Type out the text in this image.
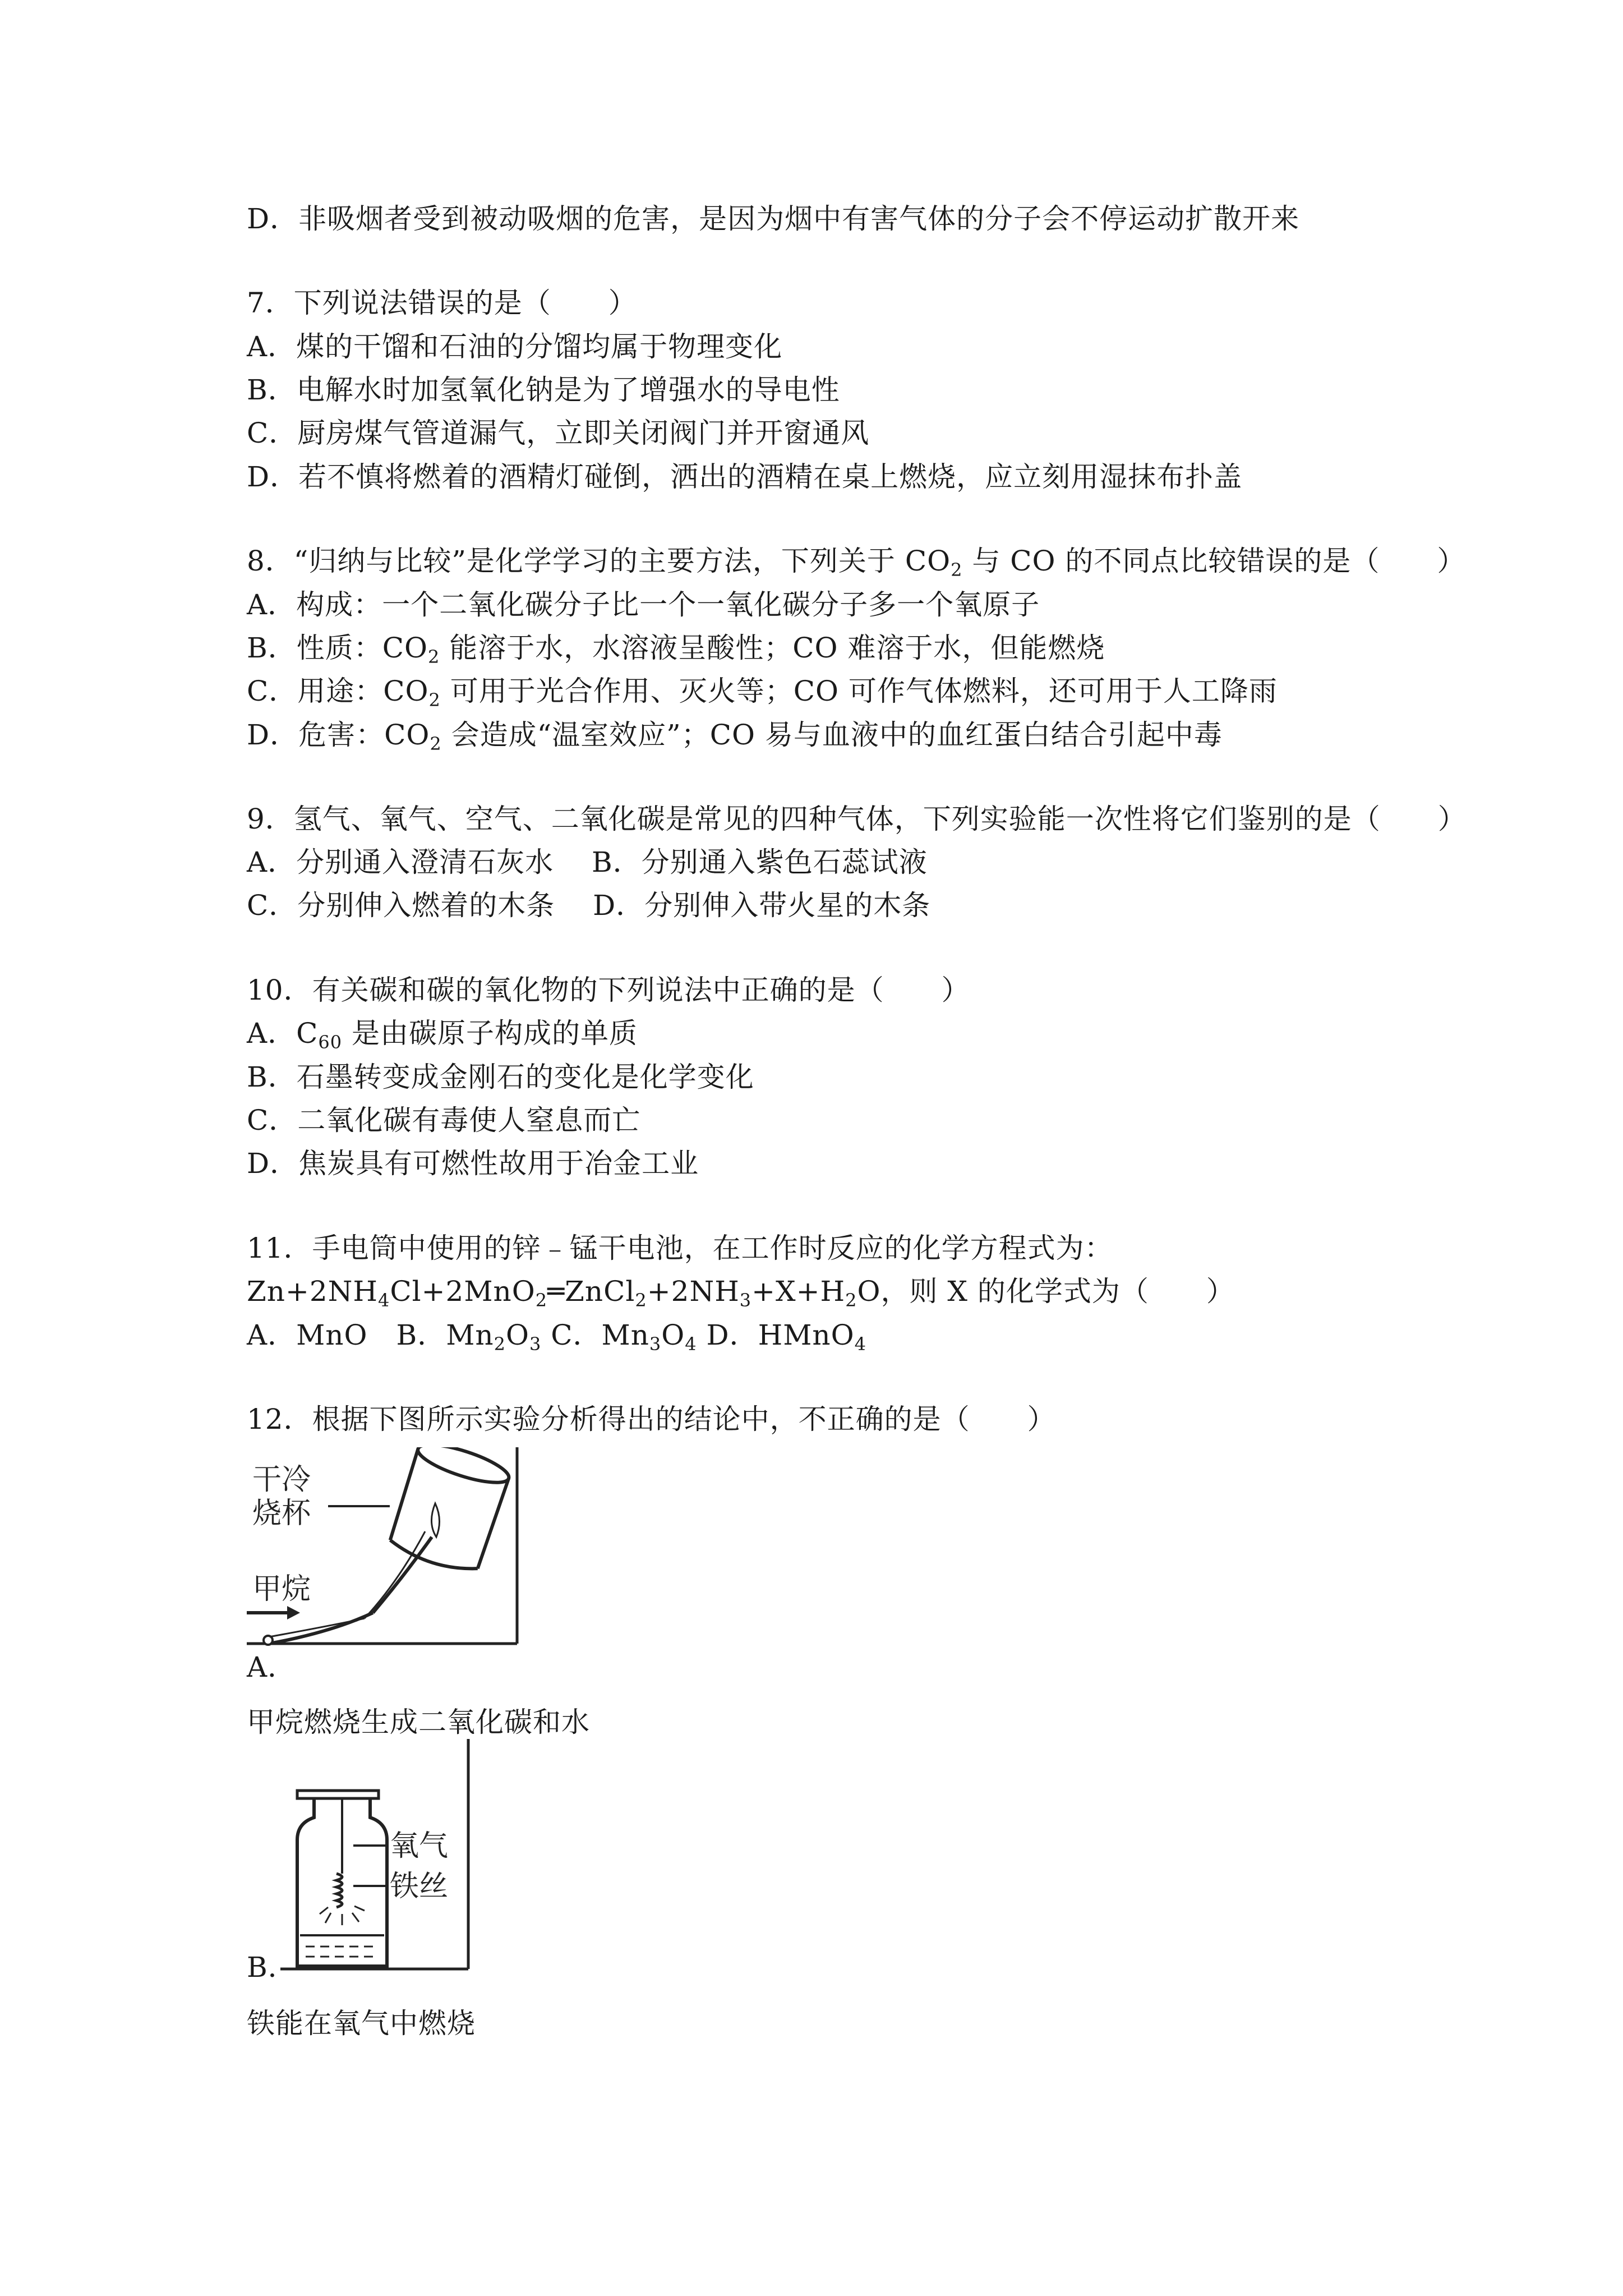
D．非吸烟者受到被动吸烟的危害，是因为烟中有害气体的分子会不停运动扩散开来
7．下列说法错误的是（　　）
A．煤的干馏和石油的分馏均属于物理变化
B．电解水时加氢氧化钠是为了增强水的导电性
C．厨房煤气管道漏气，立即关闭阀门并开窗通风
D．若不慎将燃着的酒精灯碰倒，洒出的酒精在桌上燃烧，应立刻用湿抹布扑盖
8．“归纳与比较”是化学学习的主要方法，下列关于 $CO_2$ 与 CO 的不同点比较错误的是（　　）
A．构成：一个二氧化碳分子比一个一氧化碳分子多一个氧原子
B．性质：$CO_2$ 能溶于水，水溶液呈酸性；CO 难溶于水，但能燃烧
C．用途：$CO_2$ 可用于光合作用、灭火等；CO 可作气体燃料，还可用于人工降雨
D．危害：$CO_2$ 会造成“温室效应”；CO 易与血液中的血红蛋白结合引起中毒
9．氢气、氧气、空气、二氧化碳是常见的四种气体，下列实验能一次性将它们鉴别的是（　　）
A．分别通入澄清石灰水　 B．分别通入紫色石蕊试液
C．分别伸入燃着的木条　 D．分别伸入带火星的木条
10．有关碳和碳的氧化物的下列说法中正确的是（　　）
A．$C_{60}$ 是由碳原子构成的单质
B．石墨转变成金刚石的变化是化学变化
C．二氧化碳有毒使人窒息而亡
D．焦炭具有可燃性故用于冶金工业
11．手电筒中使用的锌﹣锰干电池，在工作时反应的化学方程式为：
$Zn+2NH_4Cl+2MnO_2═ZnCl_2+2NH_3+X+H_2O$，则 X 的化学式为（　　）
A．MnO　B．$Mn_2O_3$ C．$Mn_3O_4$ D．HMnO$_4$
12．根据下图所示实验分析得出的结论中，不正确的是（　　）
干冷
烧杯
甲烷
A．
甲烷燃烧生成二氧化碳和水
氧气
铁丝
B．
铁能在氧气中燃烧
